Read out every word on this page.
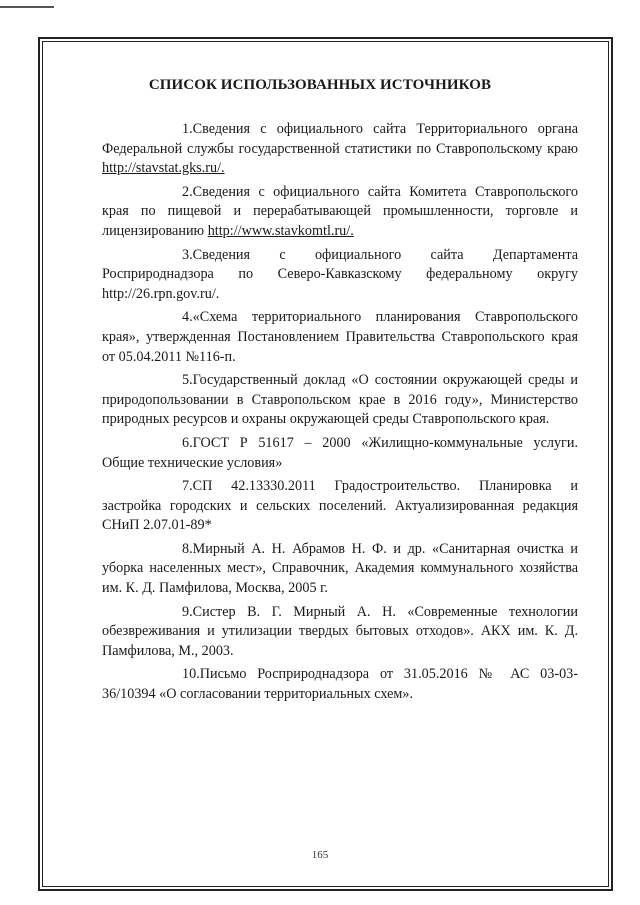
СПИСОК ИСПОЛЬЗОВАННЫХ ИСТОЧНИКОВ

1.Сведения с официального сайта Территориального органа Федеральной службы государственной статистики по Ставропольскому краю http://stavstat.gks.ru/.

2.Сведения с официального сайта Комитета Ставропольского края по пищевой и перерабатывающей промышленности, торговле и лицензированию http://www.stavkomtl.ru/.

3.Сведения с официального сайта Департамента Росприроднадзора по Северо-Кавказскому федеральному округу http://26.rpn.gov.ru/.

4.«Схема территориального планирования Ставропольского края», утвержденная Постановлением Правительства Ставропольского края от 05.04.2011 №116-п.

5.Государственный доклад «О состоянии окружающей среды и природопользовании в Ставропольском крае в 2016 году», Министерство природных ресурсов и охраны окружающей среды Ставропольского края.

6.ГОСТ Р 51617 – 2000 «Жилищно-коммунальные услуги. Общие технические условия»

7.СП 42.13330.2011 Градостроительство. Планировка и застройка городских и сельских поселений. Актуализированная редакция СНиП 2.07.01-89*

8.Мирный А. Н. Абрамов Н. Ф. и др. «Санитарная очистка и уборка населенных мест», Справочник, Академия коммунального хозяйства им. К. Д. Памфилова, Москва, 2005 г.

9.Систер В. Г. Мирный А. Н. «Современные технологии обезвреживания и утилизации твердых бытовых отходов». АКХ им. К. Д. Памфилова, М., 2003.

10.Письмо Росприроднадзора от 31.05.2016 № АС 03-03-36/10394 «О согласовании территориальных схем».

165
